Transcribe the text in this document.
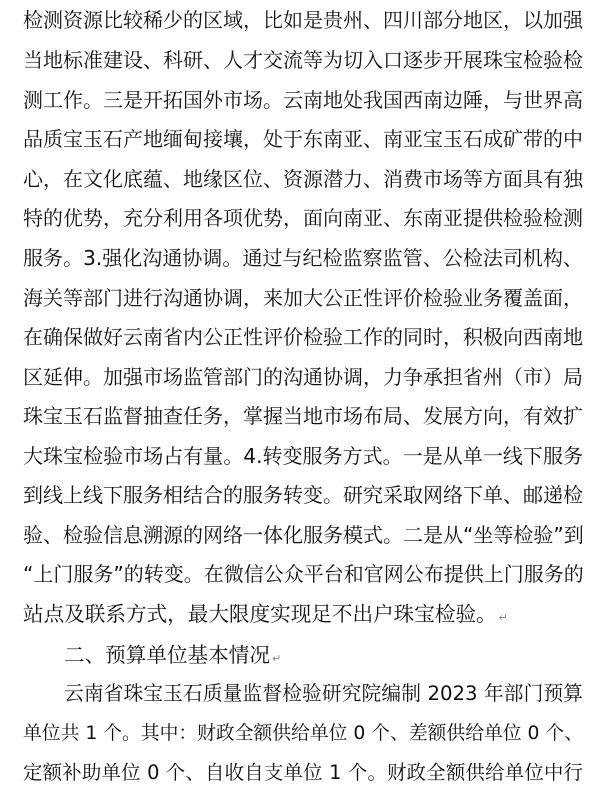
检测资源比较稀少的区域，比如是贵州、四川部分地区，以加强
当地标准建设、科研、人才交流等为切入口逐步开展珠宝检验检
测工作。三是开拓国外市场。云南地处我国西南边陲，与世界高
品质宝玉石产地缅甸接壤，处于东南亚、南亚宝玉石成矿带的中
心，在文化底蕴、地缘区位、资源潜力、消费市场等方面具有独
特的优势，充分利用各项优势，面向南亚、东南亚提供检验检测
服务。3.强化沟通协调。通过与纪检监察监管、公检法司机构、
海关等部门进行沟通协调，来加大公正性评价检验业务覆盖面，
在确保做好云南省内公正性评价检验工作的同时，积极向西南地
区延伸。加强市场监管部门的沟通协调，力争承担省州（市）局
珠宝玉石监督抽查任务，掌握当地市场布局、发展方向，有效扩
大珠宝检验市场占有量。4.转变服务方式。一是从单一线下服务
到线上线下服务相结合的服务转变。研究采取网络下单、邮递检
验、检验信息溯源的网络一体化服务模式。二是从“坐等检验”到
“上门服务”的转变。在微信公众平台和官网公布提供上门服务的
站点及联系方式，最大限度实现足不出户珠宝检验。 ↵
二、预算单位基本情况 ↵
云南省珠宝玉石质量监督检验研究院编制 2023 年部门预算
单位共 1 个。其中：财政全额供给单位 0 个、差额供给单位 0 个、
定额补助单位 0 个、自收自支单位 1 个。财政全额供给单位中行
